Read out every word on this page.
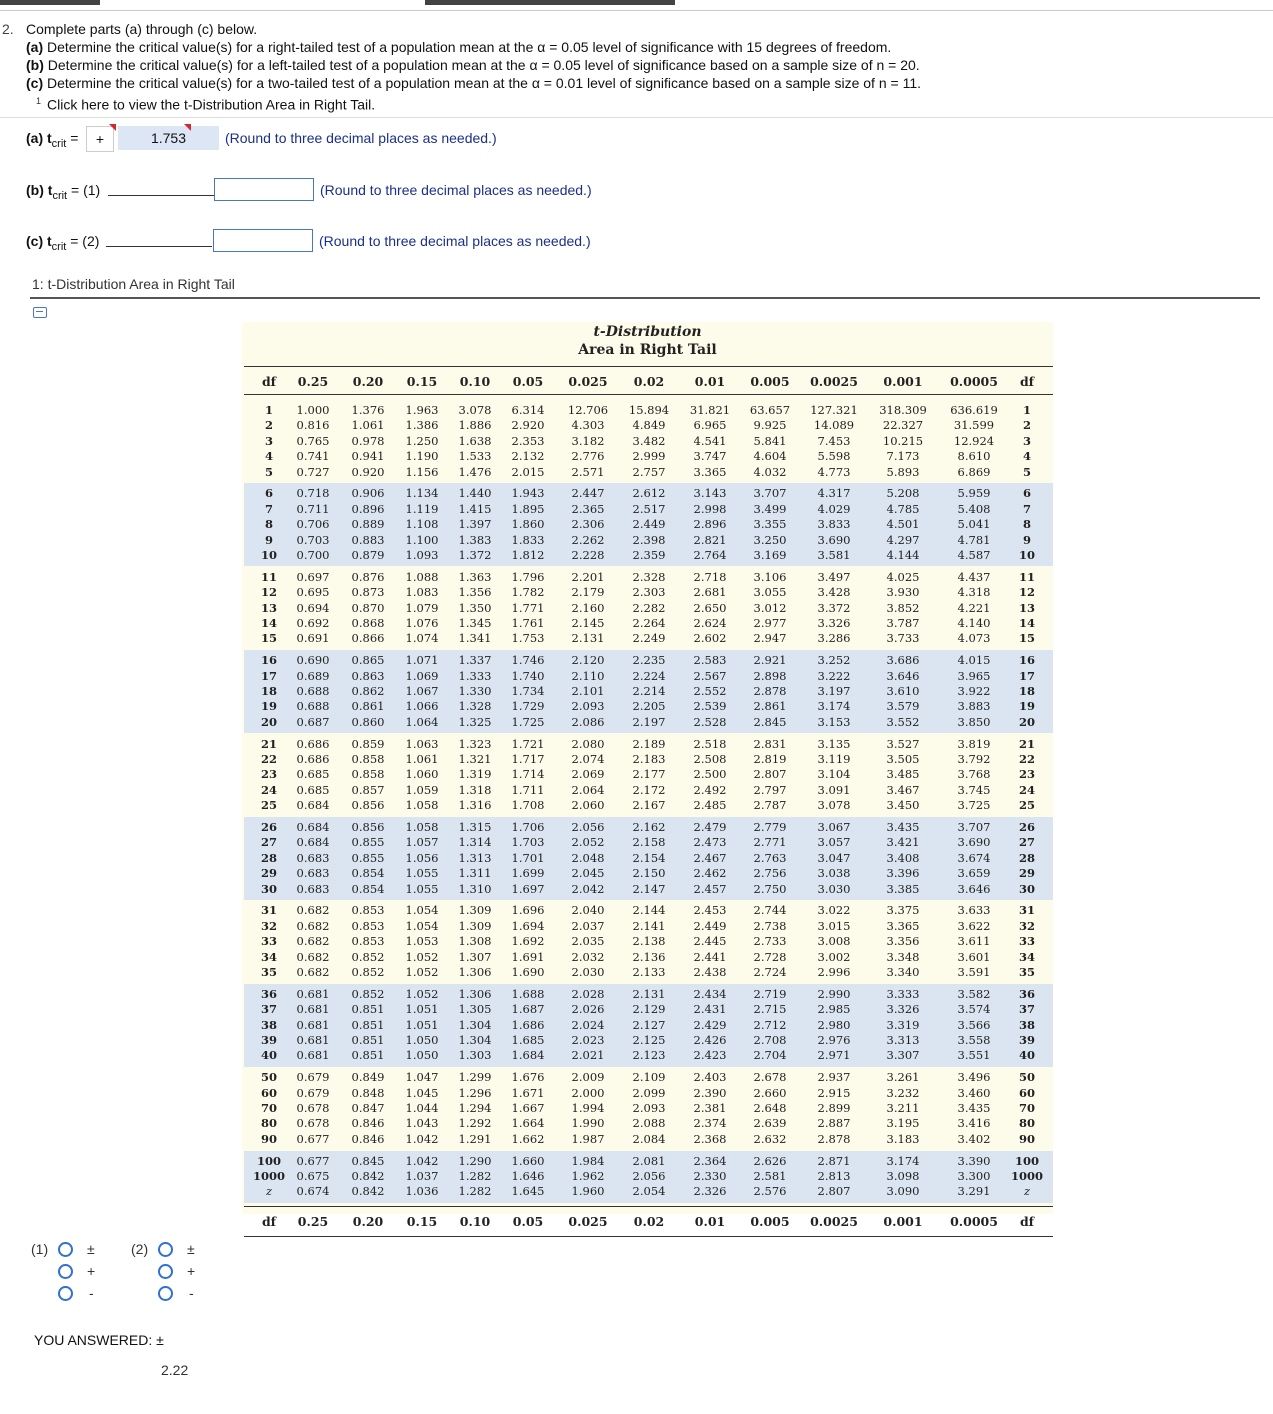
2. Complete parts (a) through (c) below.
(a) Determine the critical value(s) for a right-tailed test of a population mean at the α = 0.05 level of significance with 15 degrees of freedom.
(b) Determine the critical value(s) for a left-tailed test of a population mean at the α = 0.05 level of significance based on a sample size of n = 20.
(c) Determine the critical value(s) for a two-tailed test of a population mean at the α = 0.01 level of significance based on a sample size of n = 11.
$^1$ Click here to view the t-Distribution Area in Right Tail.
(a) $t_{crit}$ =	+	1.753	(Round to three decimal places as needed.)
(b) $t_{crit} = (1)$	(Round to three decimal places as needed.)
(c) $t_{crit} = (2)$	(Round to three decimal places as needed.)
1: t-Distribution Area in Right Tail
t-Distribution
Area in Right Tail
df	0.25	0.20	0.15	0.10	0.05	0.025	0.02	0.01	0.005	0.0025	0.001	0.0005	df
1	1.000	1.376	1.963	3.078	6.314	12.706	15.894	31.821	63.657	127.321	318.309	636.619	1
2	0.816	1.061	1.386	1.886	2.920	4.303	4.849	6.965	9.925	14.089	22.327	31.599	2
3	0.765	0.978	1.250	1.638	2.353	3.182	3.482	4.541	5.841	7.453	10.215	12.924	3
4	0.741	0.941	1.190	1.533	2.132	2.776	2.999	3.747	4.604	5.598	7.173	8.610	4
5	0.727	0.920	1.156	1.476	2.015	2.571	2.757	3.365	4.032	4.773	5.893	6.869	5
6	0.718	0.906	1.134	1.440	1.943	2.447	2.612	3.143	3.707	4.317	5.208	5.959	6
7	0.711	0.896	1.119	1.415	1.895	2.365	2.517	2.998	3.499	4.029	4.785	5.408	7
8	0.706	0.889	1.108	1.397	1.860	2.306	2.449	2.896	3.355	3.833	4.501	5.041	8
9	0.703	0.883	1.100	1.383	1.833	2.262	2.398	2.821	3.250	3.690	4.297	4.781	9
10	0.700	0.879	1.093	1.372	1.812	2.228	2.359	2.764	3.169	3.581	4.144	4.587	10
11	0.697	0.876	1.088	1.363	1.796	2.201	2.328	2.718	3.106	3.497	4.025	4.437	11
12	0.695	0.873	1.083	1.356	1.782	2.179	2.303	2.681	3.055	3.428	3.930	4.318	12
13	0.694	0.870	1.079	1.350	1.771	2.160	2.282	2.650	3.012	3.372	3.852	4.221	13
14	0.692	0.868	1.076	1.345	1.761	2.145	2.264	2.624	2.977	3.326	3.787	4.140	14
15	0.691	0.866	1.074	1.341	1.753	2.131	2.249	2.602	2.947	3.286	3.733	4.073	15
16	0.690	0.865	1.071	1.337	1.746	2.120	2.235	2.583	2.921	3.252	3.686	4.015	16
17	0.689	0.863	1.069	1.333	1.740	2.110	2.224	2.567	2.898	3.222	3.646	3.965	17
18	0.688	0.862	1.067	1.330	1.734	2.101	2.214	2.552	2.878	3.197	3.610	3.922	18
19	0.688	0.861	1.066	1.328	1.729	2.093	2.205	2.539	2.861	3.174	3.579	3.883	19
20	0.687	0.860	1.064	1.325	1.725	2.086	2.197	2.528	2.845	3.153	3.552	3.850	20
21	0.686	0.859	1.063	1.323	1.721	2.080	2.189	2.518	2.831	3.135	3.527	3.819	21
22	0.686	0.858	1.061	1.321	1.717	2.074	2.183	2.508	2.819	3.119	3.505	3.792	22
23	0.685	0.858	1.060	1.319	1.714	2.069	2.177	2.500	2.807	3.104	3.485	3.768	23
24	0.685	0.857	1.059	1.318	1.711	2.064	2.172	2.492	2.797	3.091	3.467	3.745	24
25	0.684	0.856	1.058	1.316	1.708	2.060	2.167	2.485	2.787	3.078	3.450	3.725	25
26	0.684	0.856	1.058	1.315	1.706	2.056	2.162	2.479	2.779	3.067	3.435	3.707	26
27	0.684	0.855	1.057	1.314	1.703	2.052	2.158	2.473	2.771	3.057	3.421	3.690	27
28	0.683	0.855	1.056	1.313	1.701	2.048	2.154	2.467	2.763	3.047	3.408	3.674	28
29	0.683	0.854	1.055	1.311	1.699	2.045	2.150	2.462	2.756	3.038	3.396	3.659	29
30	0.683	0.854	1.055	1.310	1.697	2.042	2.147	2.457	2.750	3.030	3.385	3.646	30
31	0.682	0.853	1.054	1.309	1.696	2.040	2.144	2.453	2.744	3.022	3.375	3.633	31
32	0.682	0.853	1.054	1.309	1.694	2.037	2.141	2.449	2.738	3.015	3.365	3.622	32
33	0.682	0.853	1.053	1.308	1.692	2.035	2.138	2.445	2.733	3.008	3.356	3.611	33
34	0.682	0.852	1.052	1.307	1.691	2.032	2.136	2.441	2.728	3.002	3.348	3.601	34
35	0.682	0.852	1.052	1.306	1.690	2.030	2.133	2.438	2.724	2.996	3.340	3.591	35
36	0.681	0.852	1.052	1.306	1.688	2.028	2.131	2.434	2.719	2.990	3.333	3.582	36
37	0.681	0.851	1.051	1.305	1.687	2.026	2.129	2.431	2.715	2.985	3.326	3.574	37
38	0.681	0.851	1.051	1.304	1.686	2.024	2.127	2.429	2.712	2.980	3.319	3.566	38
39	0.681	0.851	1.050	1.304	1.685	2.023	2.125	2.426	2.708	2.976	3.313	3.558	39
40	0.681	0.851	1.050	1.303	1.684	2.021	2.123	2.423	2.704	2.971	3.307	3.551	40
50	0.679	0.849	1.047	1.299	1.676	2.009	2.109	2.403	2.678	2.937	3.261	3.496	50
60	0.679	0.848	1.045	1.296	1.671	2.000	2.099	2.390	2.660	2.915	3.232	3.460	60
70	0.678	0.847	1.044	1.294	1.667	1.994	2.093	2.381	2.648	2.899	3.211	3.435	70
80	0.678	0.846	1.043	1.292	1.664	1.990	2.088	2.374	2.639	2.887	3.195	3.416	80
90	0.677	0.846	1.042	1.291	1.662	1.987	2.084	2.368	2.632	2.878	3.183	3.402	90
100	0.677	0.845	1.042	1.290	1.660	1.984	2.081	2.364	2.626	2.871	3.174	3.390	100
1000	0.675	0.842	1.037	1.282	1.646	1.962	2.056	2.330	2.581	2.813	3.098	3.300	1000
z	0.674	0.842	1.036	1.282	1.645	1.960	2.054	2.326	2.576	2.807	3.090	3.291	z
df	0.25	0.20	0.15	0.10	0.05	0.025	0.02	0.01	0.005	0.0025	0.001	0.0005	df
(1)	±
+
-
(2)	±
+
-
YOU ANSWERED: ±
2.22
